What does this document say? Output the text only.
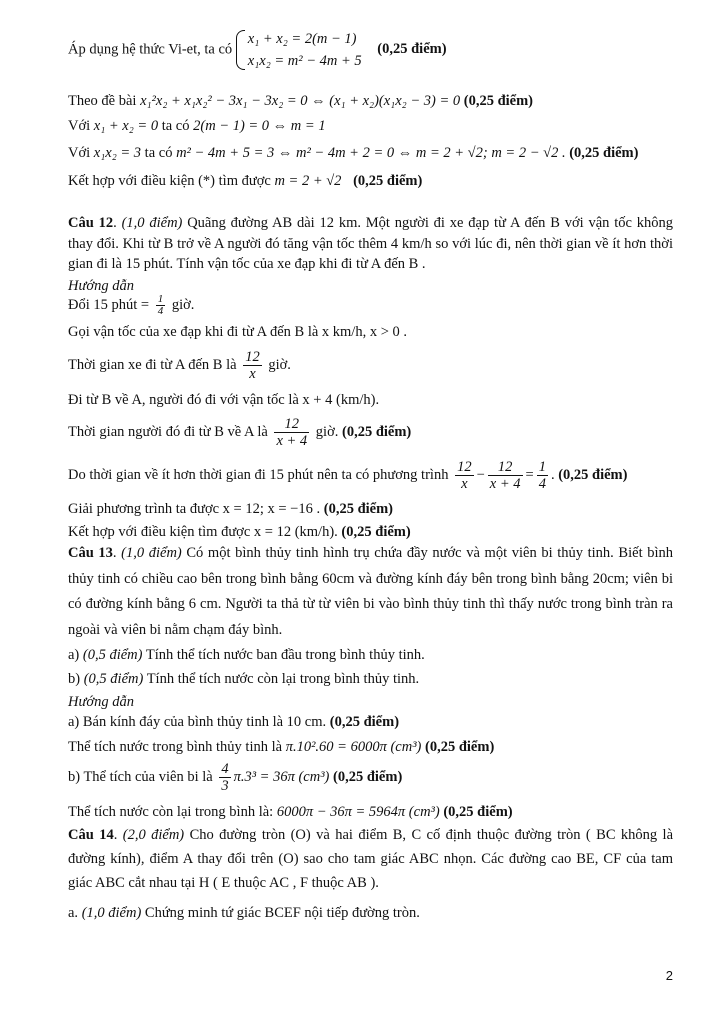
Áp dụng hệ thức Vi-et, ta có
x₁ + x₂ = 2(m − 1)
x₁x₂ = m² − 4m + 5
(0,25 điểm)
Theo đề bài x₁²x₂ + x₁x₂² − 3x₁ − 3x₂ = 0 ⇔ (x₁ + x₂)(x₁x₂ − 3) = 0 (0,25 điểm)
Với x₁ + x₂ = 0 ta có 2(m − 1) = 0 ⇔ m = 1
Với x₁x₂ = 3 ta có m² − 4m + 5 = 3 ⇔ m² − 4m + 2 = 0 ⇔ m = 2 + √2; m = 2 − √2 . (0,25 điểm)
Kết hợp với điều kiện (*) tìm được m = 2 + √2 (0,25 điểm)
Câu 12. (1,0 điểm) Quãng đường AB dài 12 km. Một người đi xe đạp từ A đến B với vận tốc không thay đổi. Khi từ B trở về A người đó tăng vận tốc thêm 4 km/h so với lúc đi, nên thời gian về ít hơn thời gian đi là 15 phút. Tính vận tốc của xe đạp khi đi từ A đến B .
Hướng dẫn
Đổi 15 phút = $\frac{1}{4}$ giờ.
Gọi vận tốc của xe đạp khi đi từ A đến B là x km/h, x > 0 .
Thời gian xe đi từ A đến B là $\frac{12}{x}$ giờ.
Đi từ B về A, người đó đi với vận tốc là x + 4 (km/h).
Thời gian người đó đi từ B về A là $\frac{12}{x + 4}$ giờ. (0,25 điểm)
Do thời gian về ít hơn thời gian đi 15 phút nên ta có phương trình $\frac{12}{x} - \frac{12}{x + 4} = \frac{1}{4}$ . (0,25 điểm)
Giải phương trình ta được x = 12; x = −16 . (0,25 điểm)
Kết hợp với điều kiện tìm được x = 12 (km/h). (0,25 điểm)
Câu 13. (1,0 điểm) Có một bình thủy tinh hình trụ chứa đầy nước và một viên bi thủy tinh. Biết bình thủy tinh có chiều cao bên trong bình bằng 60cm và đường kính đáy bên trong bình bằng 20cm; viên bi có đường kính bằng 6 cm. Người ta thả từ từ viên bi vào bình thủy tinh thì thấy nước trong bình tràn ra ngoài và viên bi nằm chạm đáy bình.
a) (0,5 điểm) Tính thể tích nước ban đầu trong bình thủy tinh.
b) (0,5 điểm) Tính thể tích nước còn lại trong bình thủy tinh.
Hướng dẫn
a) Bán kính đáy của bình thủy tinh là 10 cm. (0,25 điểm)
Thể tích nước trong bình thủy tinh là π.10².60 = 6000π (cm³) (0,25 điểm)
b) Thể tích của viên bi là $\frac{4}{3} \pi.3^3 = 36\pi$ (cm³) (0,25 điểm)
Thể tích nước còn lại trong bình là: 6000π − 36π = 5964π (cm³) (0,25 điểm)
Câu 14. (2,0 điểm) Cho đường tròn (O) và hai điểm B, C cố định thuộc đường tròn ( BC không là đường kính), điểm A thay đổi trên (O) sao cho tam giác ABC nhọn. Các đường cao BE, CF của tam giác ABC cắt nhau tại H ( E thuộc AC , F thuộc AB ).
a. (1,0 điểm) Chứng minh tứ giác BCEF nội tiếp đường tròn.
2
